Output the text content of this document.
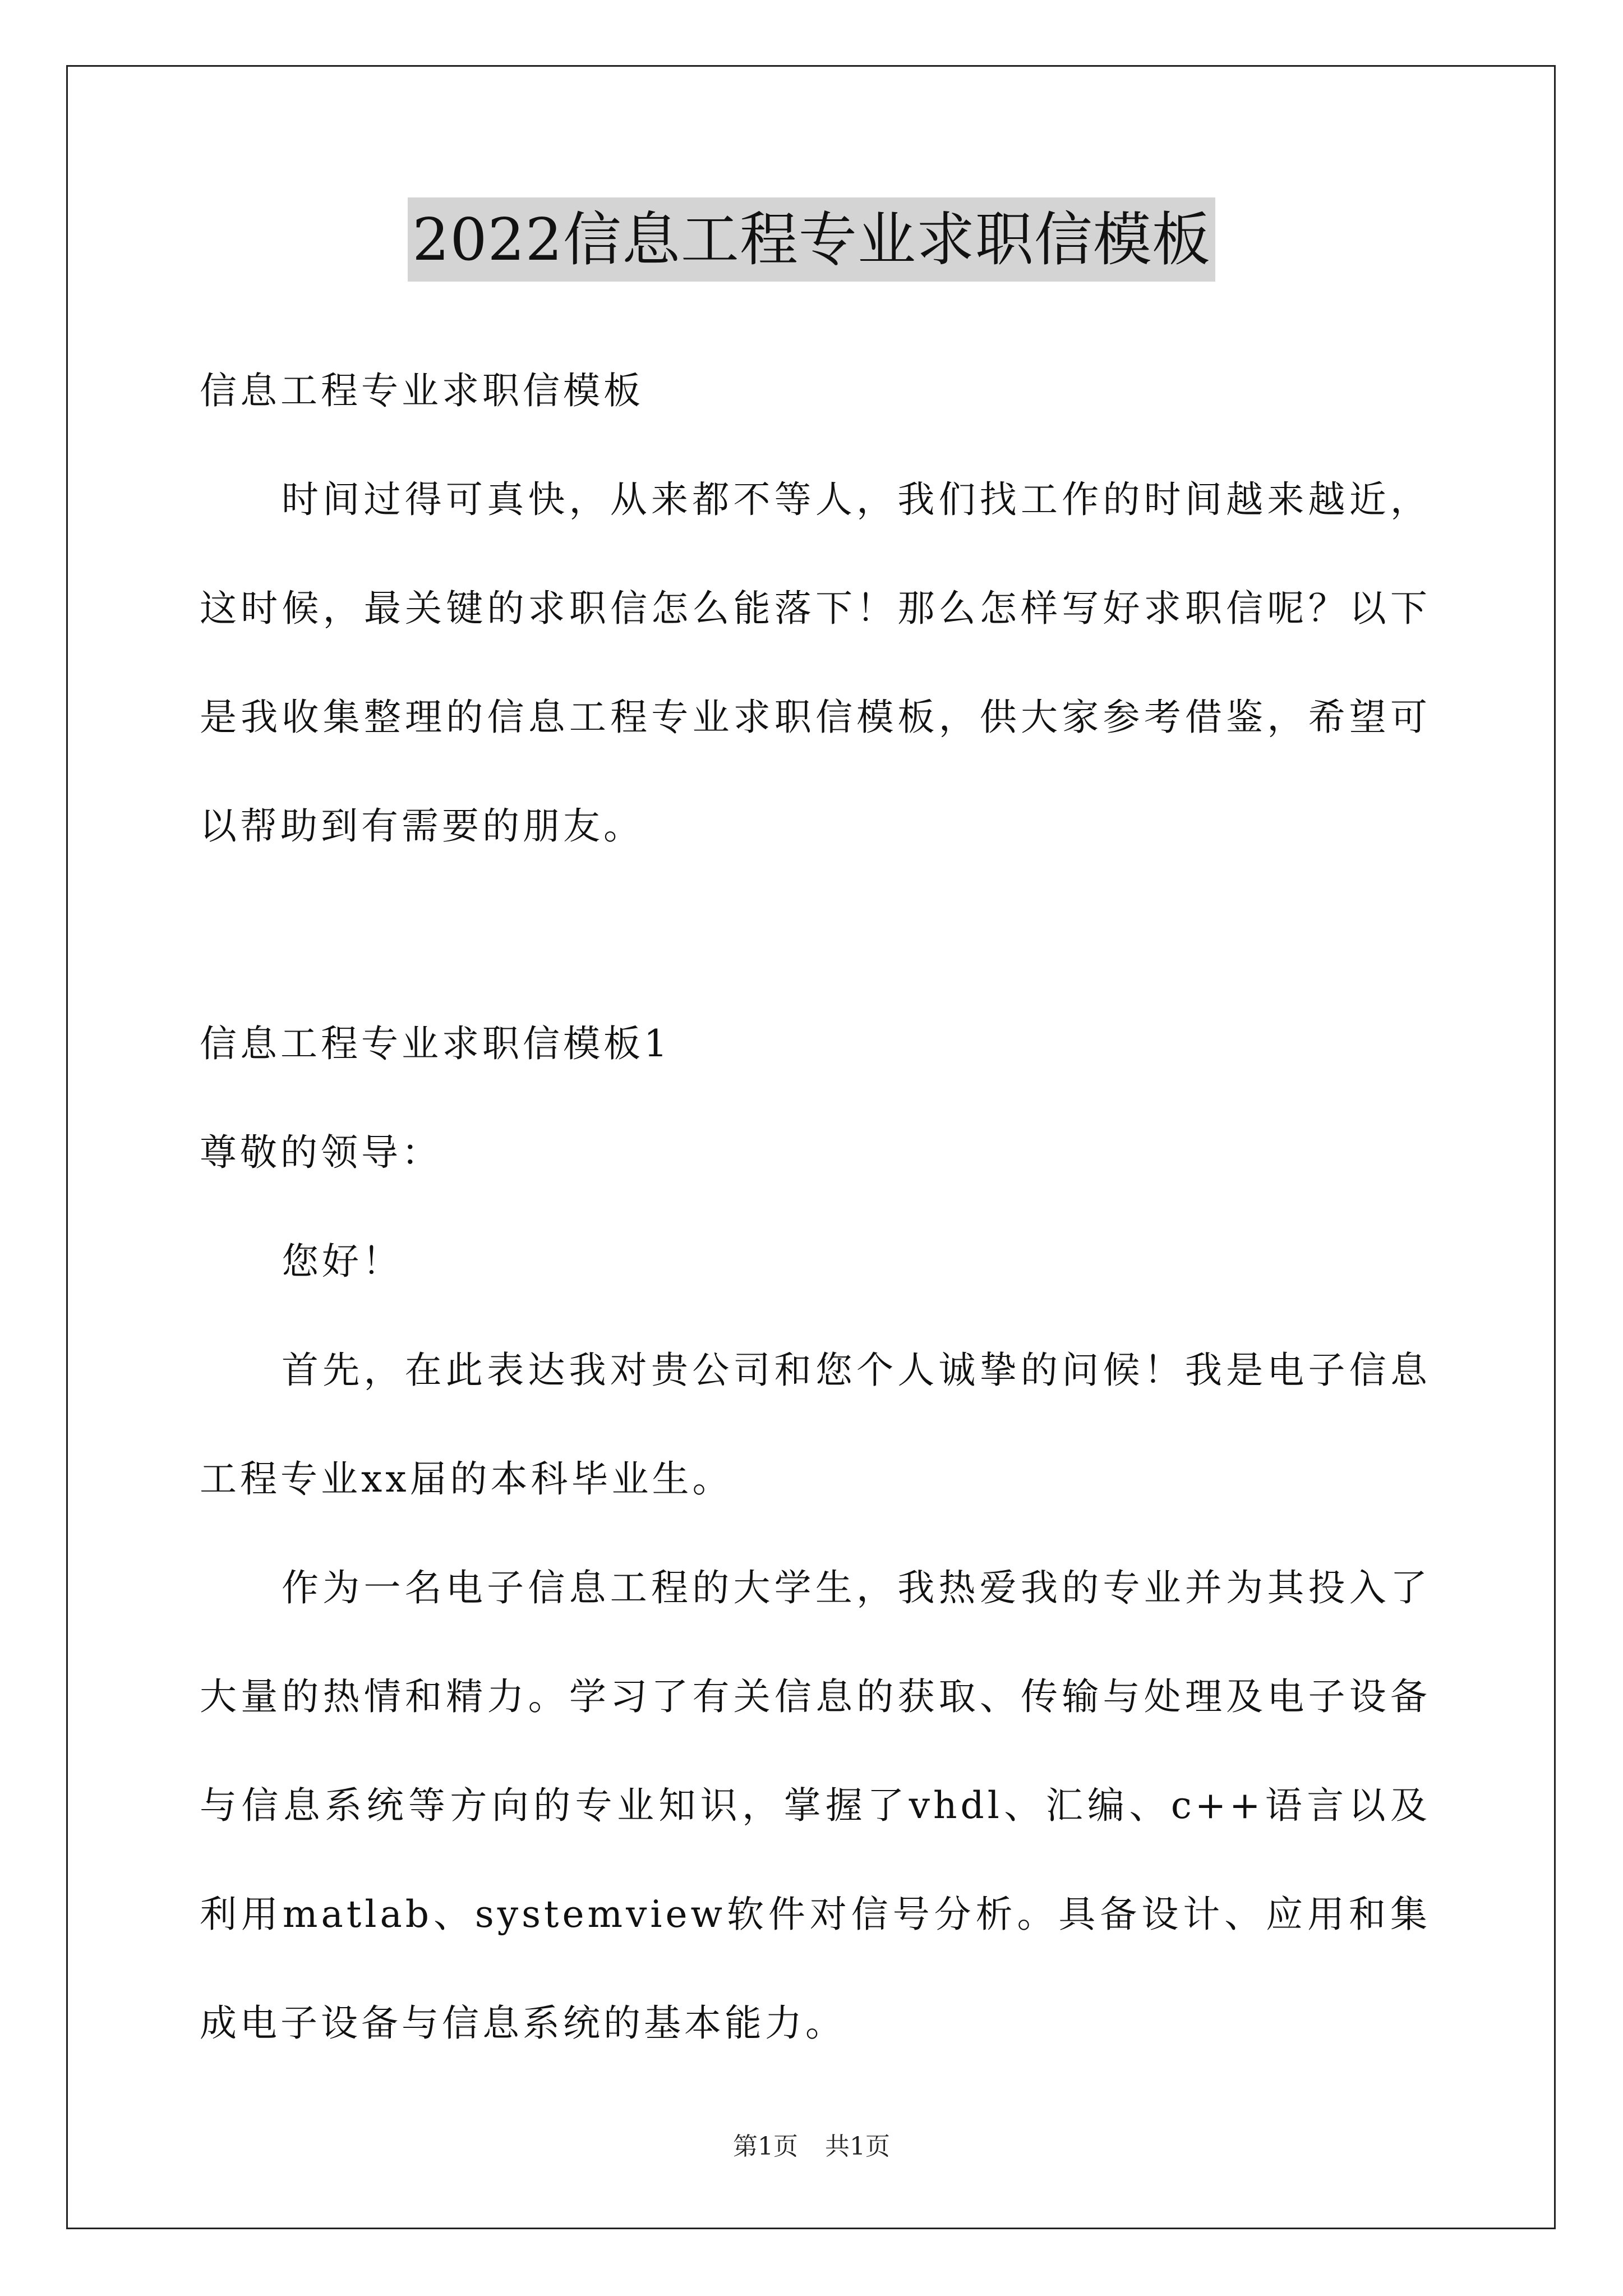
2022信息工程专业求职信模板

信息工程专业求职信模板

时间过得可真快，从来都不等人，我们找工作的时间越来越近，这时候，最关键的求职信怎么能落下！那么怎样写好求职信呢？以下是我收集整理的信息工程专业求职信模板，供大家参考借鉴，希望可以帮助到有需要的朋友。

信息工程专业求职信模板1

尊敬的领导：

您好！

首先，在此表达我对贵公司和您个人诚挚的问候！我是电子信息工程专业xx届的本科毕业生。

作为一名电子信息工程的大学生，我热爱我的专业并为其投入了大量的热情和精力。学习了有关信息的获取、传输与处理及电子设备与信息系统等方向的专业知识，掌握了vhdl、汇编、c++语言以及利用matlab、systemview软件对信号分析。具备设计、应用和集成电子设备与信息系统的基本能力。

第1页 共1页
